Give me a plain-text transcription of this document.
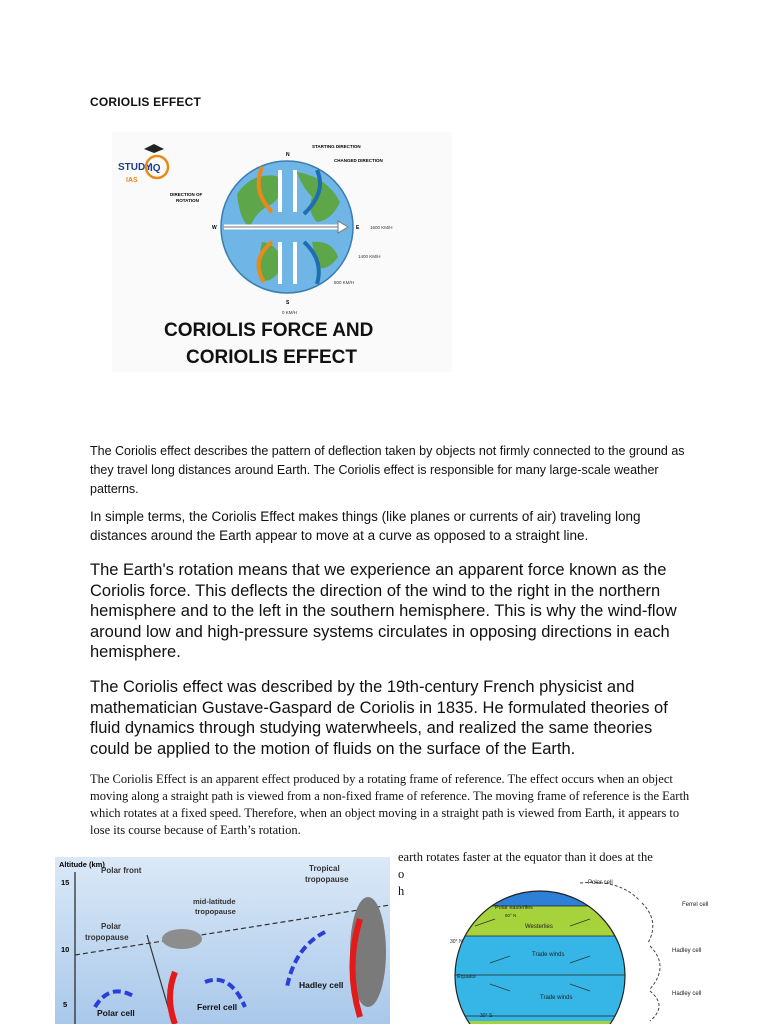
CORIOLIS EFFECT
STUDY
IQ
IAS
N
S
W	E
STARTING DIRECTION
CHANGED DIRECTION
DIRECTION OF
ROTATION
1600 KM/H
1400 KM/H
800 KM/H
0 KM/H
CORIOLIS FORCE AND
CORIOLIS EFFECT
The Coriolis effect describes the pattern of deflection taken by objects not firmly connected to the ground as they travel long distances around Earth. The Coriolis effect is responsible for many large-scale weather patterns.
In simple terms, the Coriolis Effect makes things (like planes or currents of air) traveling long distances around the Earth appear to move at a curve as opposed to a straight line.
The Earth's rotation means that we experience an apparent force known as the Coriolis force. This deflects the direction of the wind to the right in the northern hemisphere and to the left in the southern hemisphere. This is why the wind-flow around low and high-pressure systems circulates in opposing directions in each hemisphere.
The Coriolis effect was described by the 19th-century French physicist and mathematician Gustave-Gaspard de Coriolis in 1835. He formulated theories of fluid dynamics through studying waterwheels, and realized the same theories could be applied to the motion of fluids on the surface of the Earth.
The Coriolis Effect is an apparent effect produced by a rotating frame of reference. The effect occurs when an object moving along a straight path is viewed from a non-fixed frame of reference. The moving frame of reference is the Earth which rotates at a fixed speed. Therefore, when an object moving in a straight path is viewed from Earth, it appears to lose its course because of Earth’s rotation.
earth rotates faster at the equator than it does at the
o
h
Altitude (km)
15
10
5
Tropical
tropopause
Polar front
mid-latitude
tropopause
Polar
tropopause
Hadley cell
Ferrel cell
Polar cell
Polar cell
Ferrel cell
Hadley cell
Hadley cell
Polar easterlies
60° N
Westerlies
30° N
Trade winds
Equator
Trade winds
30° S
